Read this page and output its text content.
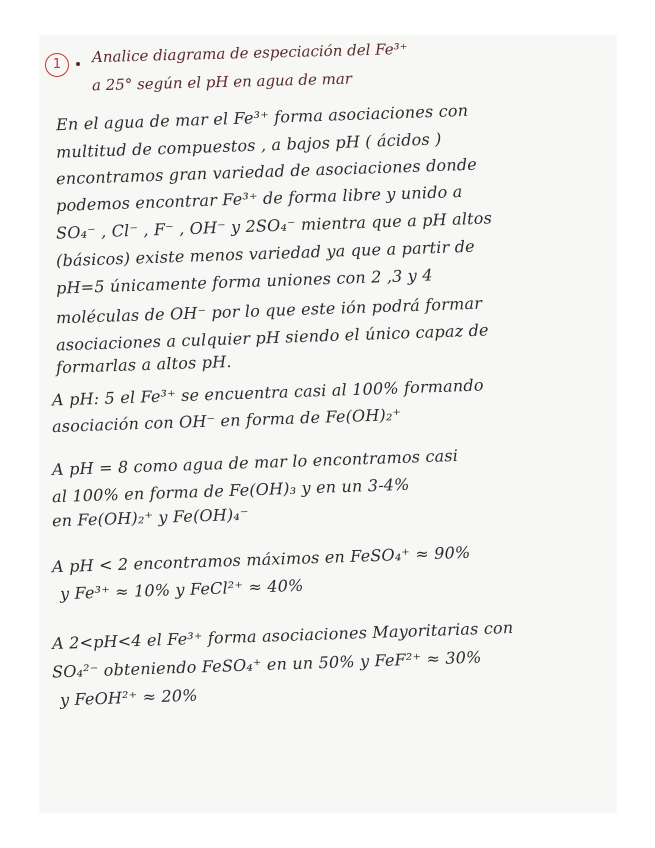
1	Analice diagrama de especiación del Fe³⁺
a 25° según el pH en agua de mar
En el agua de mar el Fe³⁺ forma asociaciones con
multitud de compuestos , a bajos pH ( ácidos )
encontramos gran variedad de asociaciones donde
podemos encontrar Fe³⁺ de forma libre y unido a
SO₄⁻ , Cl⁻ , F⁻ , OH⁻ y 2SO₄⁻ mientra que a pH altos
(básicos) existe menos variedad ya que a partir de
pH=5 únicamente forma uniones con 2 ,3 y 4
moléculas de OH⁻ por lo que este ión podrá formar
asociaciones a culquier pH siendo el único capaz de
formarlas a altos pH.
A pH: 5 el Fe³⁺ se encuentra casi al 100% formando
asociación con OH⁻ en forma de Fe(OH)₂⁺
A pH = 8 como agua de mar lo encontramos casi
al 100% en forma de Fe(OH)₃ y en un 3-4%
en Fe(OH)₂⁺ y Fe(OH)₄⁻
A pH < 2 encontramos máximos en FeSO₄⁺ ≈ 90%
y Fe³⁺ ≈ 10% y FeCl²⁺ ≈ 40%
A 2<pH<4 el Fe³⁺ forma asociaciones Mayoritarias con
SO₄²⁻ obteniendo FeSO₄⁺ en un 50% y FeF²⁺ ≈ 30%
y FeOH²⁺ ≈ 20%
